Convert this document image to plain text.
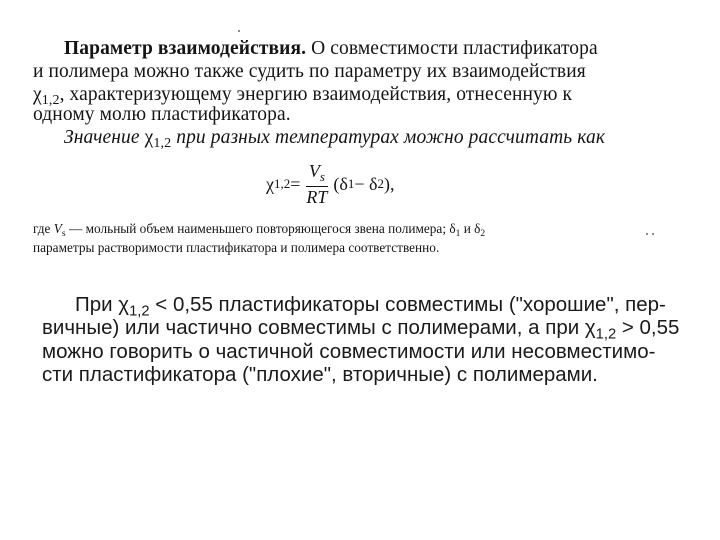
Параметр взаимодействия. О совместимости пластификатора
и полимера можно также судить по параметру их взаимодействия
$\chi_{1,2}$, характеризующему энергию взаимодействия, отнесенную к
одному молю пластификатора.
Значение $\chi_{1,2}$ при разных температурах можно рассчитать как
χ $1,2 = \frac{V_s}{RT} (\delta$ 1 − δ 2 ),
где $V_s$ — мольный объем наименьшего повторяющегося звена полимера; $\delta_1$ и $\delta_2$
параметры растворимости пластификатора и полимера соответственно.
При $\chi_{1,2} < 0,55$ пластификаторы совместимы ("хорошие", пер-
вичные) или частично совместимы с полимерами, а при $\chi_{1,2} > 0,55$
можно говорить о частичной совместимости или несовместимо-
сти пластификатора ("плохие", вторичные) с полимерами.
